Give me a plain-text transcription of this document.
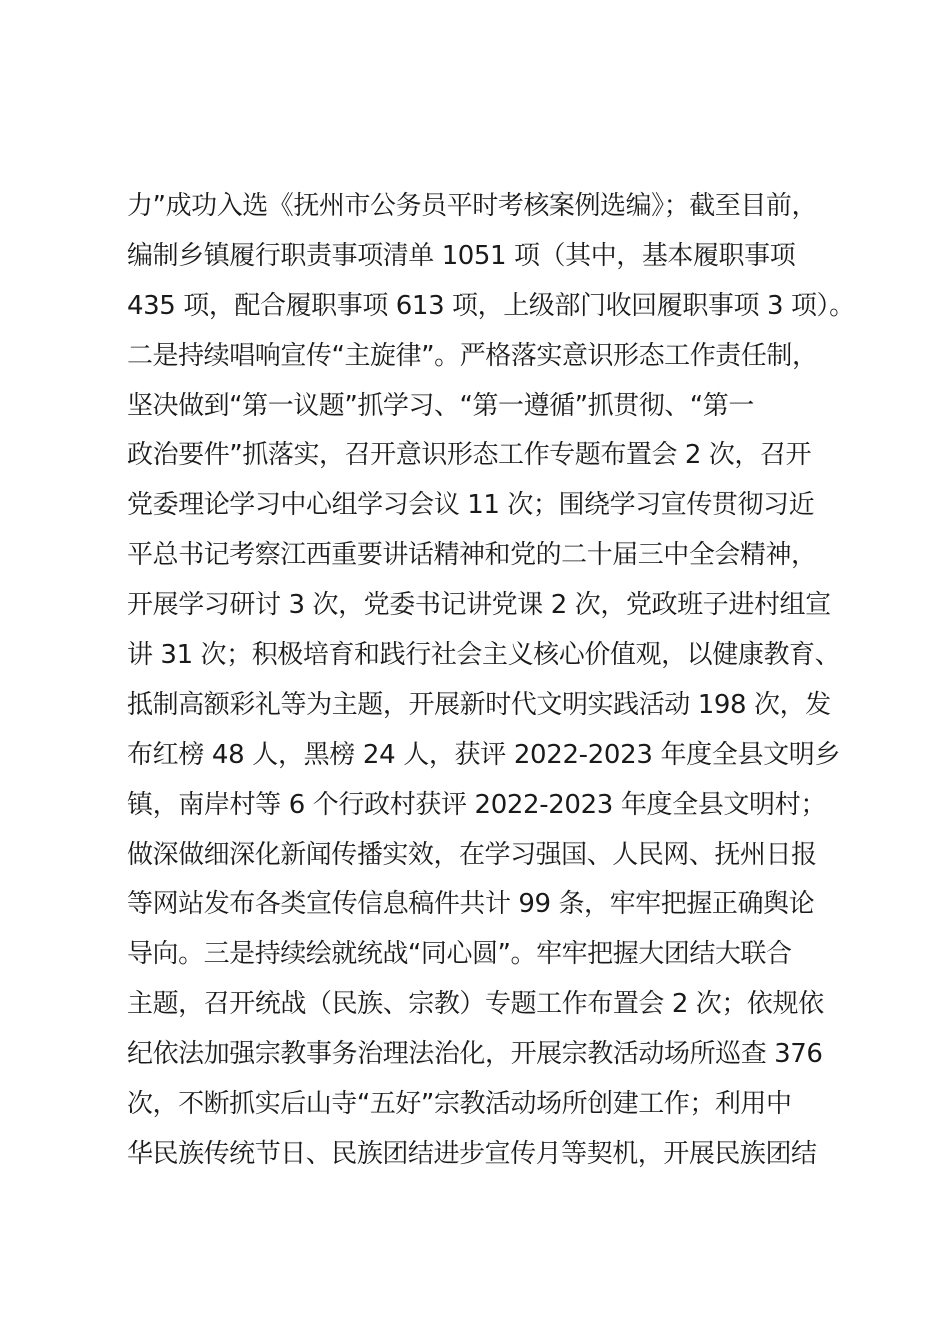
力”成功入选《抚州市公务员平时考核案例选编》；截至目前，
编制乡镇履行职责事项清单 1051 项（其中，基本履职事项
435 项，配合履职事项 613 项，上级部门收回履职事项 3 项）。
二是持续唱响宣传“主旋律”。严格落实意识形态工作责任制，
坚决做到“第一议题”抓学习、“第一遵循”抓贯彻、“第一
政治要件”抓落实，召开意识形态工作专题布置会 2 次，召开
党委理论学习中心组学习会议 11 次；围绕学习宣传贯彻习近
平总书记考察江西重要讲话精神和党的二十届三中全会精神，
开展学习研讨 3 次，党委书记讲党课 2 次，党政班子进村组宣
讲 31 次；积极培育和践行社会主义核心价值观，以健康教育、
抵制高额彩礼等为主题，开展新时代文明实践活动 198 次，发
布红榜 48 人，黑榜 24 人，获评 2022-2023 年度全县文明乡
镇，南岸村等 6 个行政村获评 2022-2023 年度全县文明村；
做深做细深化新闻传播实效，在学习强国、人民网、抚州日报
等网站发布各类宣传信息稿件共计 99 条，牢牢把握正确舆论
导向。三是持续绘就统战“同心圆”。牢牢把握大团结大联合
主题，召开统战（民族、宗教）专题工作布置会 2 次；依规依
纪依法加强宗教事务治理法治化，开展宗教活动场所巡查 376
次，不断抓实后山寺“五好”宗教活动场所创建工作；利用中
华民族传统节日、民族团结进步宣传月等契机，开展民族团结
